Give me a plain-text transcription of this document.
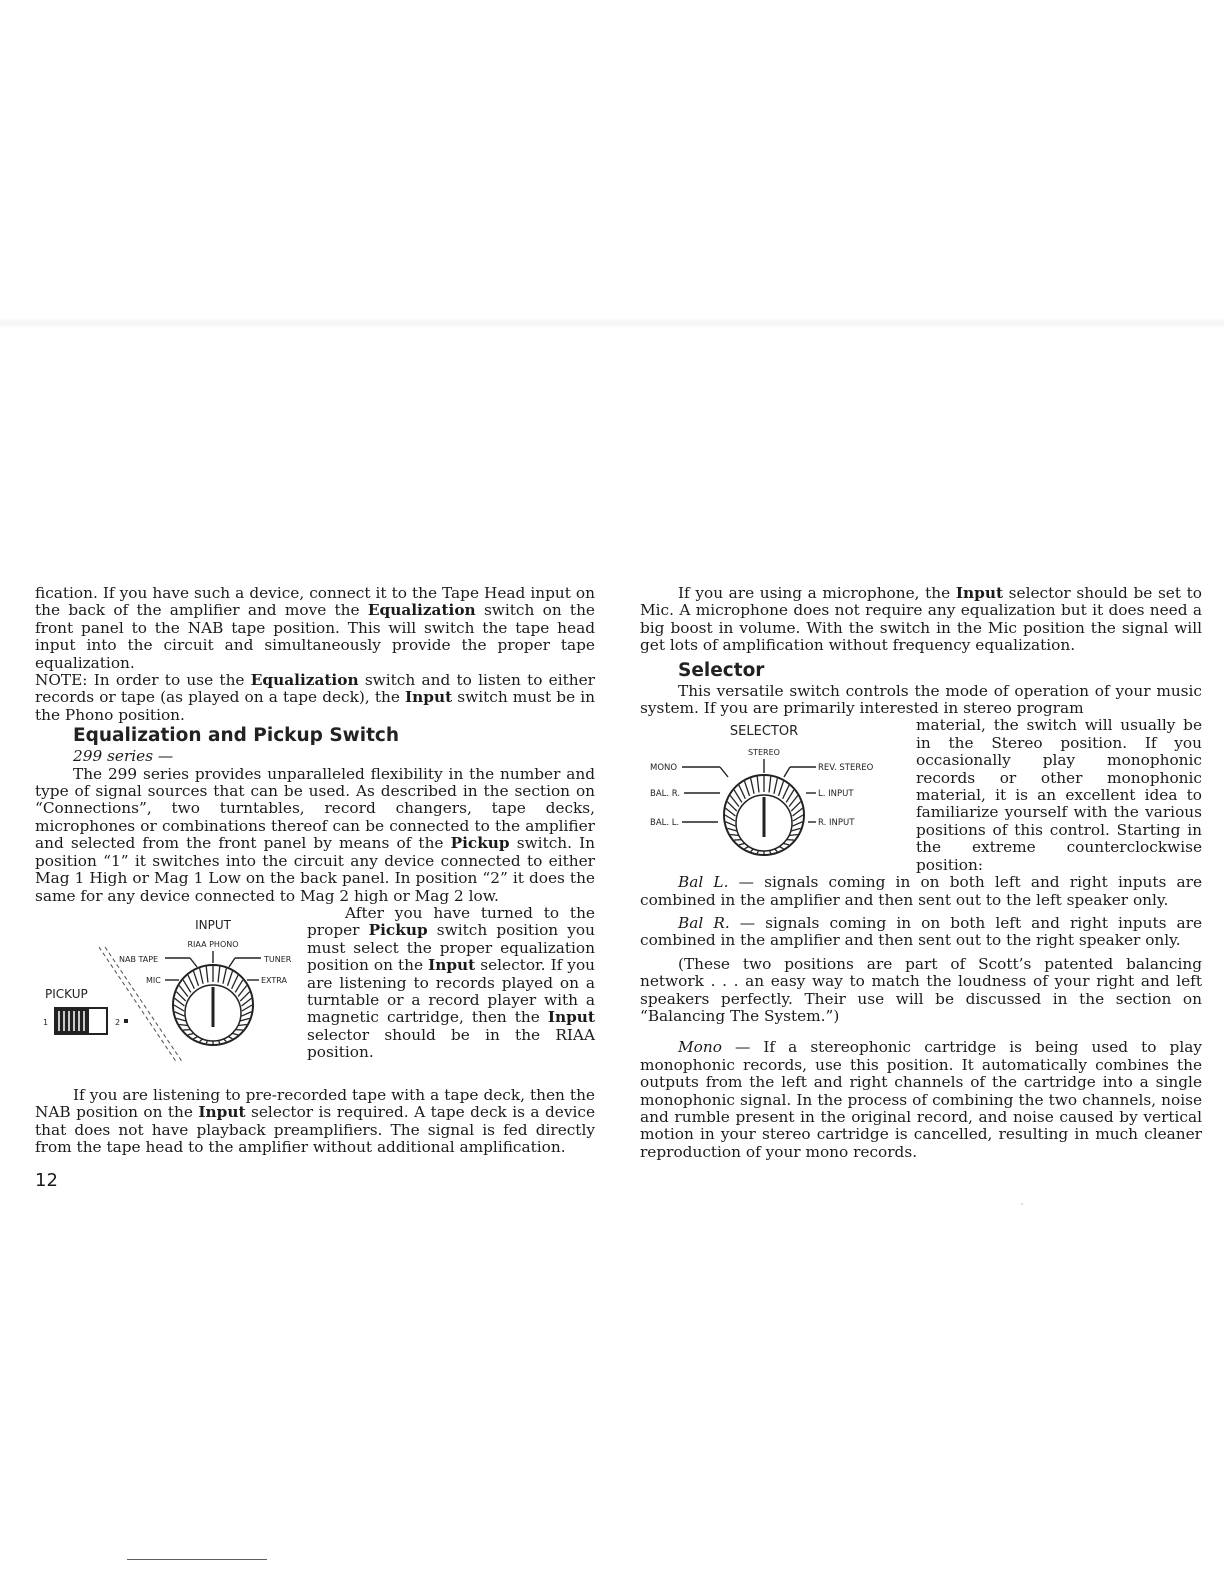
fication. If you have such a device, connect it to the Tape Head input on the back of the amplifier and move the Equalization switch on the front panel to the NAB tape position. This will switch the tape head input into the circuit and simultaneously provide the proper tape equalization.

NOTE: In order to use the Equalization switch and to listen to either records or tape (as played on a tape deck), the Input switch must be in the Phono position.

Equalization and Pickup Switch
299 series —

The 299 series provides unparalleled flexibility in the number and type of signal sources that can be used. As described in the section on “Connections”, two turntables, record changers, tape decks, microphones or combinations thereof can be connected to the amplifier and selected from the front panel by means of the Pickup switch. In position “1” it switches into the circuit any device connected to either Mag 1 High or Mag 1 Low on the back panel. In position “2” it does the same for any device connected to Mag 2 high or Mag 2 low.

INPUT
RIAA PHONO
NAB TAPE	TUNER
MIC	EXTRA
PICKUP
1	2

After you have turned to the proper Pickup switch position you must select the proper equalization position on the Input selector. If you are listening to records played on a turntable or a record player with a magnetic cartridge, then the Input selector should be in the RIAA position.

If you are listening to pre-recorded tape with a tape deck, then the NAB position on the Input selector is required. A tape deck is a device that does not have playback preamplifiers. The signal is fed directly from the tape head to the amplifier without additional amplification.

12

If you are using a microphone, the Input selector should be set to Mic. A microphone does not require any equalization but it does need a big boost in volume. With the switch in the Mic position the signal will get lots of amplification without frequency equalization.

Selector

This versatile switch controls the mode of operation of your music system. If you are primarily interested in stereo program

SELECTOR
STEREO
MONO	REV. STEREO
BAL. R.	L. INPUT
BAL. L.	R. INPUT

material, the switch will usually be in the Stereo position. If you occasionally play monophonic records or other monophonic material, it is an excellent idea to familiarize yourself with the various positions of this control. Starting in the extreme counterclockwise position:

Bal L. — signals coming in on both left and right inputs are combined in the amplifier and then sent out to the left speaker only.

Bal R. — signals coming in on both left and right inputs are combined in the amplifier and then sent out to the right speaker only.

(These two positions are part of Scott’s patented balancing network . . . an easy way to match the loudness of your right and left speakers perfectly. Their use will be discussed in the section on “Balancing The System.”)

Mono — If a stereophonic cartridge is being used to play monophonic records, use this position. It automatically combines the outputs from the left and right channels of the cartridge into a single monophonic signal. In the process of combining the two channels, noise and rumble present in the original record, and noise caused by vertical motion in your stereo cartridge is cancelled, resulting in much cleaner reproduction of your mono records.
